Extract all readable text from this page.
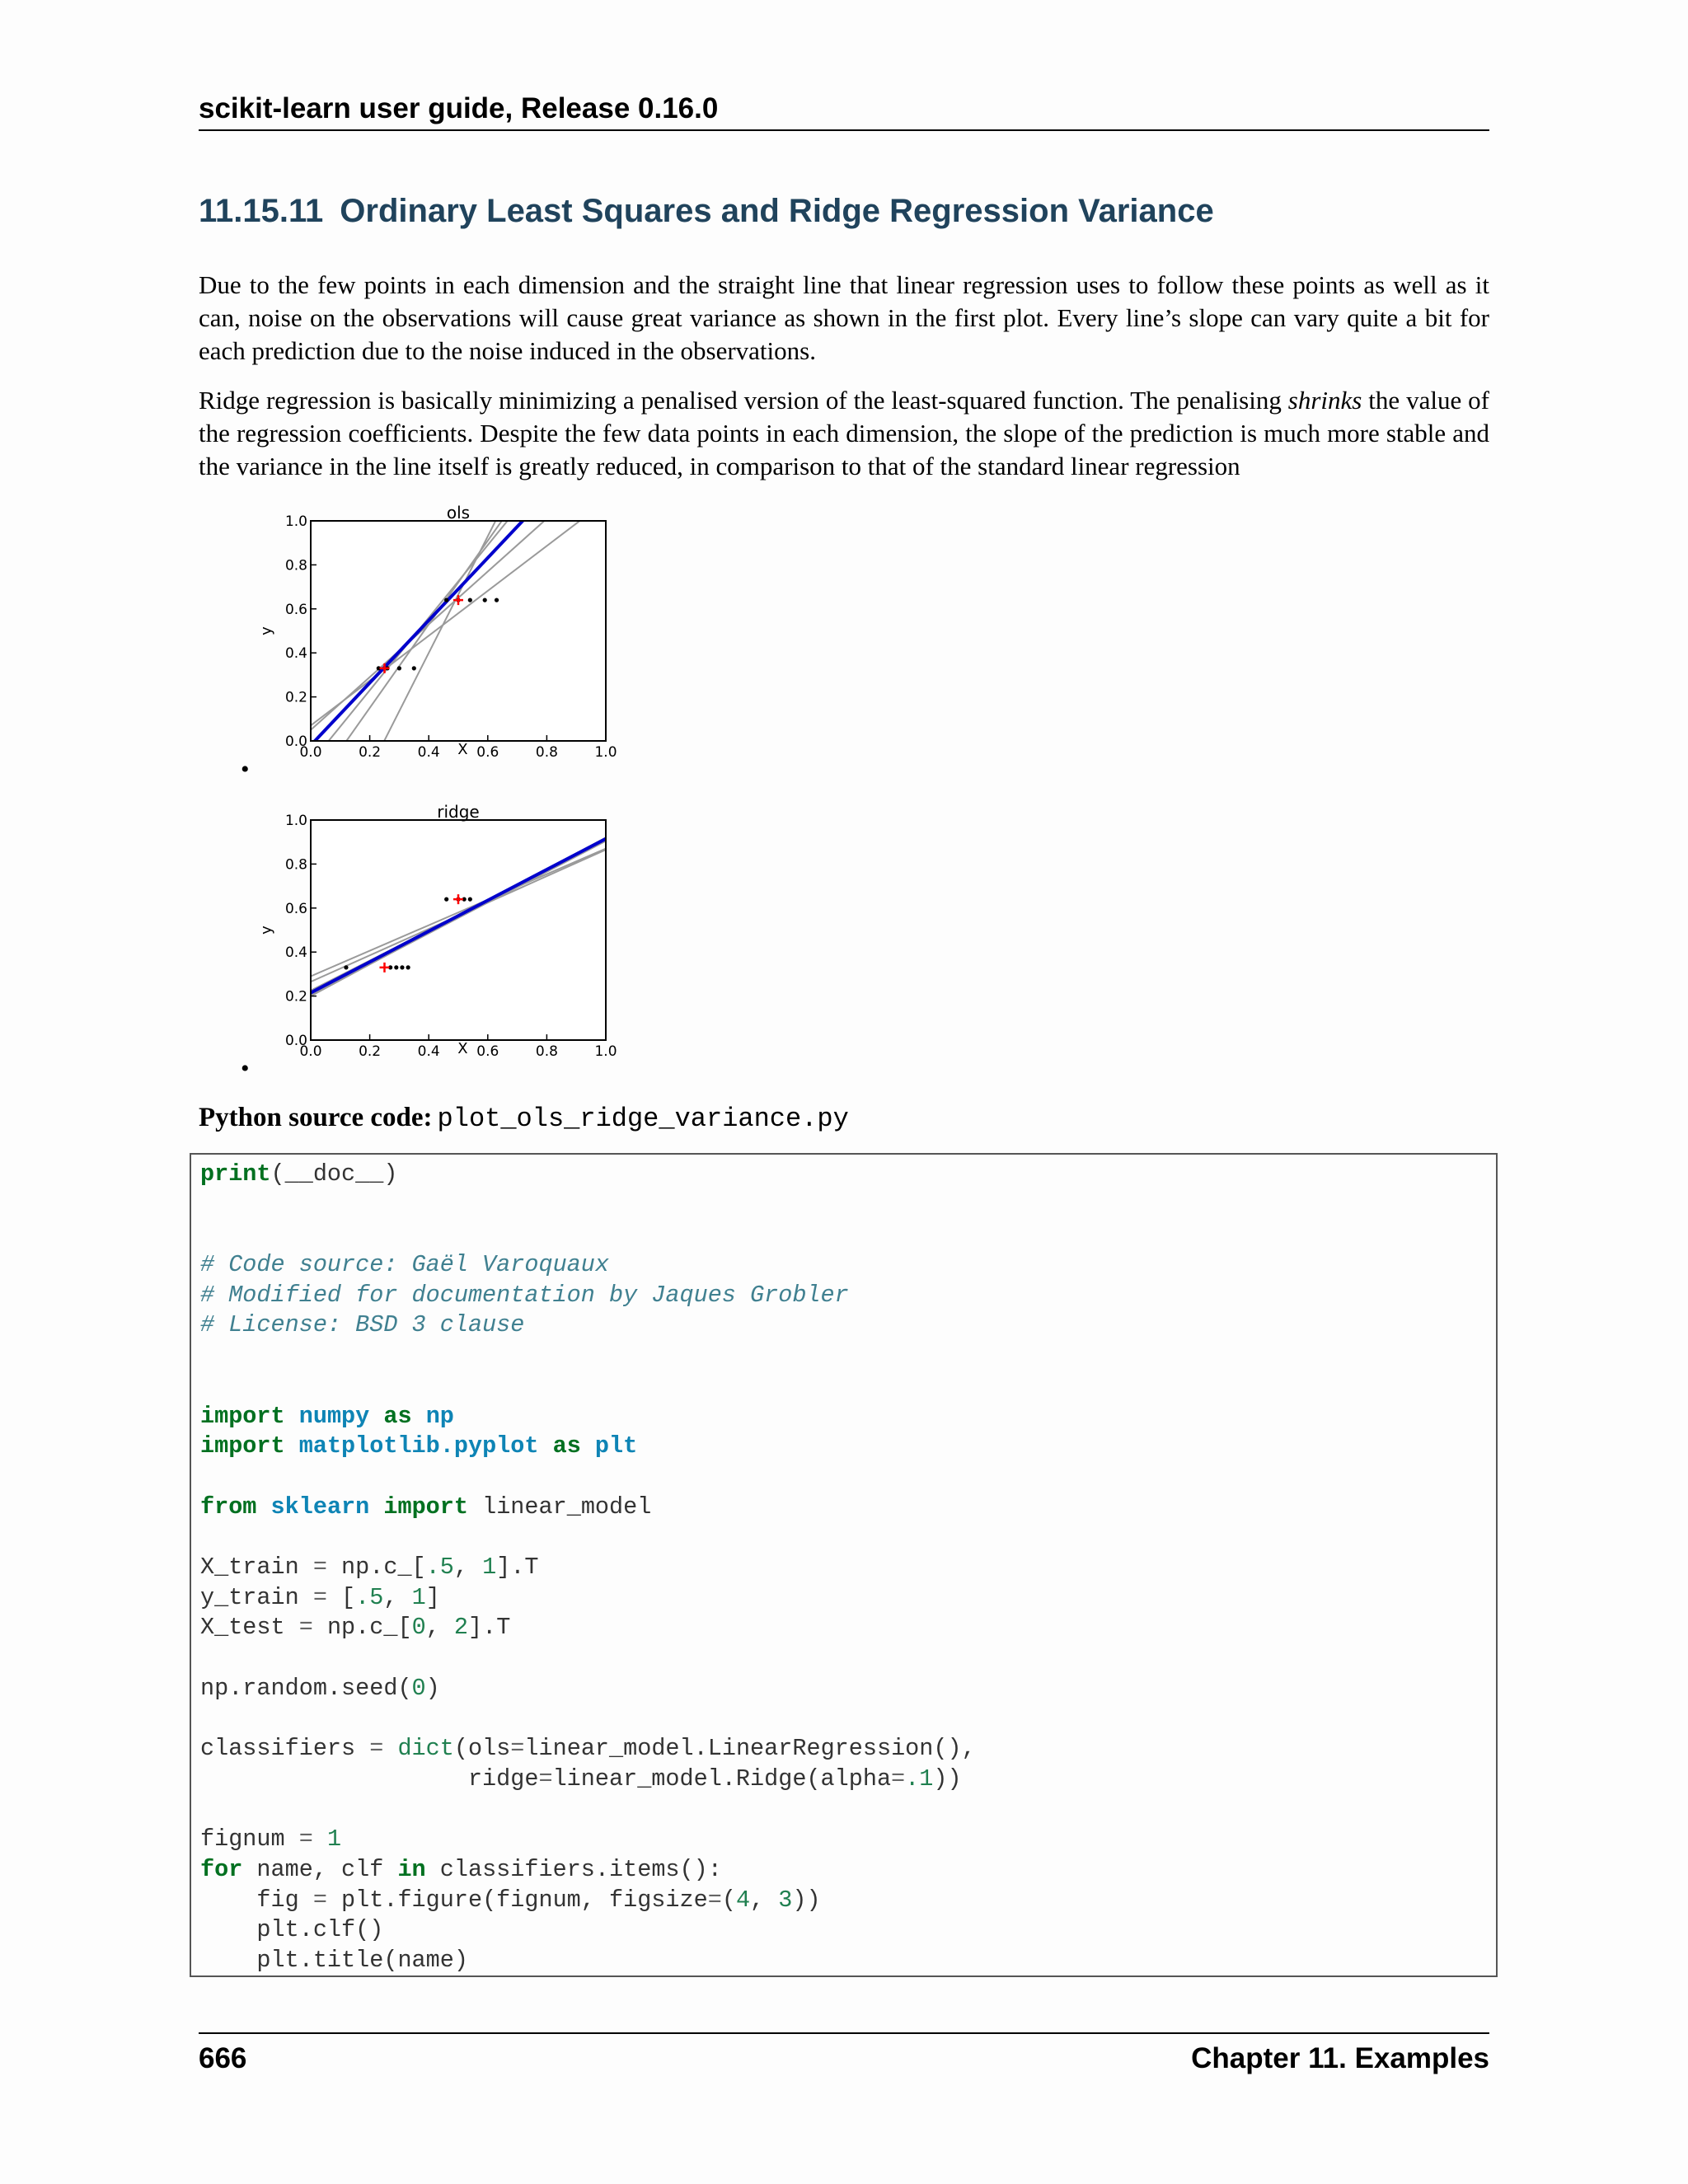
scikit-learn user guide, Release 0.16.0
11.15.11 Ordinary Least Squares and Ridge Regression Variance

Due to the few points in each dimension and the straight line that linear regression uses to follow these points as well as it can, noise on the observations will cause great variance as shown in the first plot. Every line’s slope can vary quite a bit for each prediction due to the noise induced in the observations.

Ridge regression is basically minimizing a penalised version of the least-squared function. The penalising shrinks the value of the regression coefficients. Despite the few data points in each dimension, the slope of the prediction is much more stable and the variance in the line itself is greatly reduced, in comparison to that of the standard linear regression

0.0	0.2	0.4	0.6	0.8	1.0
0.0
0.2
0.4
0.6
0.8
1.0	ols
X
y
•
0.0	0.2	0.4	0.6	0.8	1.0
0.0
0.2
0.4
0.6
0.8
1.0	ridge
X
y
•
Python source code: plot_ols_ridge_variance.py
print(__doc__)
# Code source: Gaël Varoquaux
# Modified for documentation by Jaques Grobler
# License: BSD 3 clause
import numpy as np
import matplotlib.pyplot as plt
from sklearn import linear_model
X_train = np.c_[.5, 1].T
y_train = [.5, 1]
X_test = np.c_[0, 2].T
np.random.seed(0)
classifiers = dict(ols=linear_model.LinearRegression(),
ridge=linear_model.Ridge(alpha=.1))
fignum = 1
for name, clf in classifiers.items():
fig = plt.figure(fignum, figsize=(4, 3))
plt.clf()
plt.title(name)
666	Chapter 11. Examples
